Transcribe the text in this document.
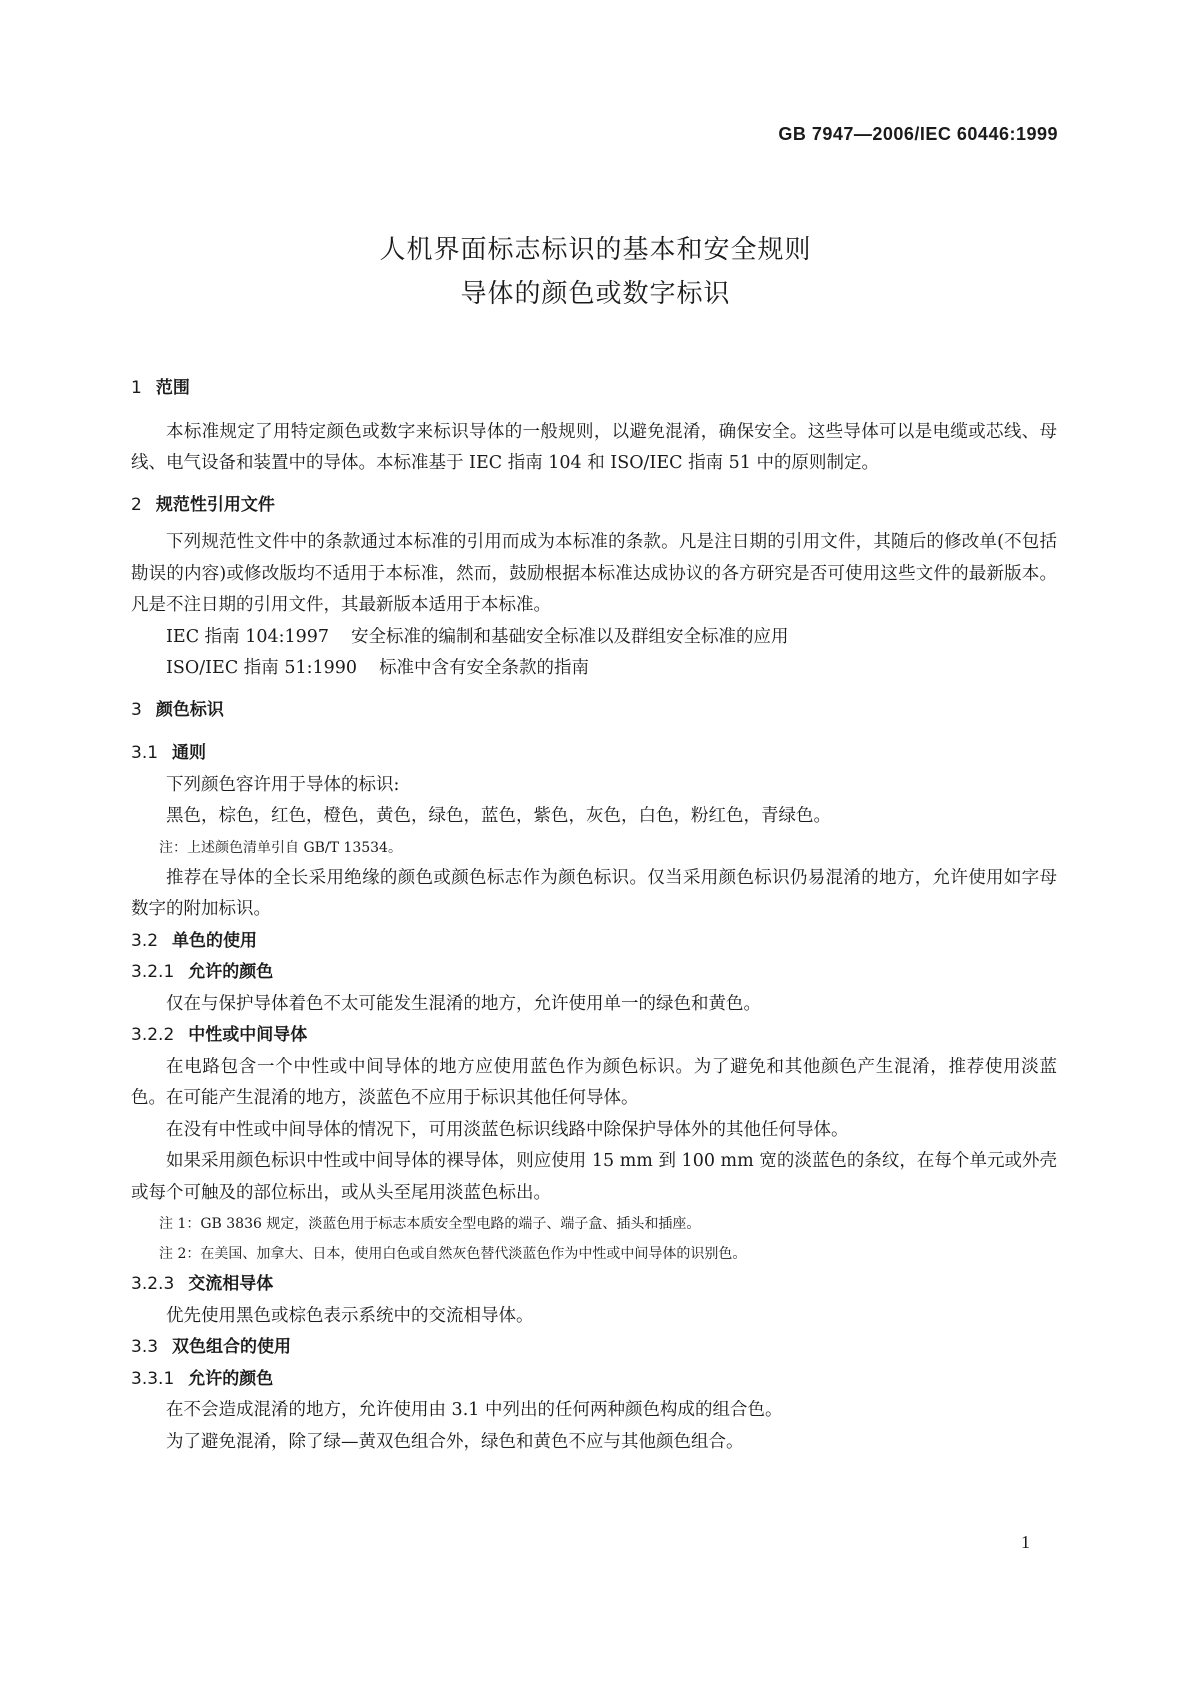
GB 7947—2006/IEC 60446:1999
人机界面标志标识的基本和安全规则
导体的颜色或数字标识
1 范围
本标准规定了用特定颜色或数字来标识导体的一般规则，以避免混淆，确保安全。这些导体可以是电缆或芯线、母线、电气设备和装置中的导体。本标准基于 IEC 指南 104 和 ISO/IEC 指南 51 中的原则制定。
2 规范性引用文件
下列规范性文件中的条款通过本标准的引用而成为本标准的条款。凡是注日期的引用文件，其随后的修改单(不包括勘误的内容)或修改版均不适用于本标准，然而，鼓励根据本标准达成协议的各方研究是否可使用这些文件的最新版本。凡是不注日期的引用文件，其最新版本适用于本标准。
IEC 指南 104:1997 安全标准的编制和基础安全标准以及群组安全标准的应用
ISO/IEC 指南 51:1990 标准中含有安全条款的指南
3 颜色标识
3.1 通则
下列颜色容许用于导体的标识:
黑色，棕色，红色，橙色，黄色，绿色，蓝色，紫色，灰色，白色，粉红色，青绿色。
注：上述颜色清单引自 GB/T 13534。
推荐在导体的全长采用绝缘的颜色或颜色标志作为颜色标识。仅当采用颜色标识仍易混淆的地方，允许使用如字母数字的附加标识。
3.2 单色的使用
3.2.1 允许的颜色
仅在与保护导体着色不太可能发生混淆的地方，允许使用单一的绿色和黄色。
3.2.2 中性或中间导体
在电路包含一个中性或中间导体的地方应使用蓝色作为颜色标识。为了避免和其他颜色产生混淆，推荐使用淡蓝色。在可能产生混淆的地方，淡蓝色不应用于标识其他任何导体。
在没有中性或中间导体的情况下，可用淡蓝色标识线路中除保护导体外的其他任何导体。
如果采用颜色标识中性或中间导体的裸导体，则应使用 15 mm 到 100 mm 宽的淡蓝色的条纹，在每个单元或外壳或每个可触及的部位标出，或从头至尾用淡蓝色标出。
注 1：GB 3836 规定，淡蓝色用于标志本质安全型电路的端子、端子盒、插头和插座。
注 2：在美国、加拿大、日本，使用白色或自然灰色替代淡蓝色作为中性或中间导体的识别色。
3.2.3 交流相导体
优先使用黑色或棕色表示系统中的交流相导体。
3.3 双色组合的使用
3.3.1 允许的颜色
在不会造成混淆的地方，允许使用由 3.1 中列出的任何两种颜色构成的组合色。
为了避免混淆，除了绿—黄双色组合外，绿色和黄色不应与其他颜色组合。
1
